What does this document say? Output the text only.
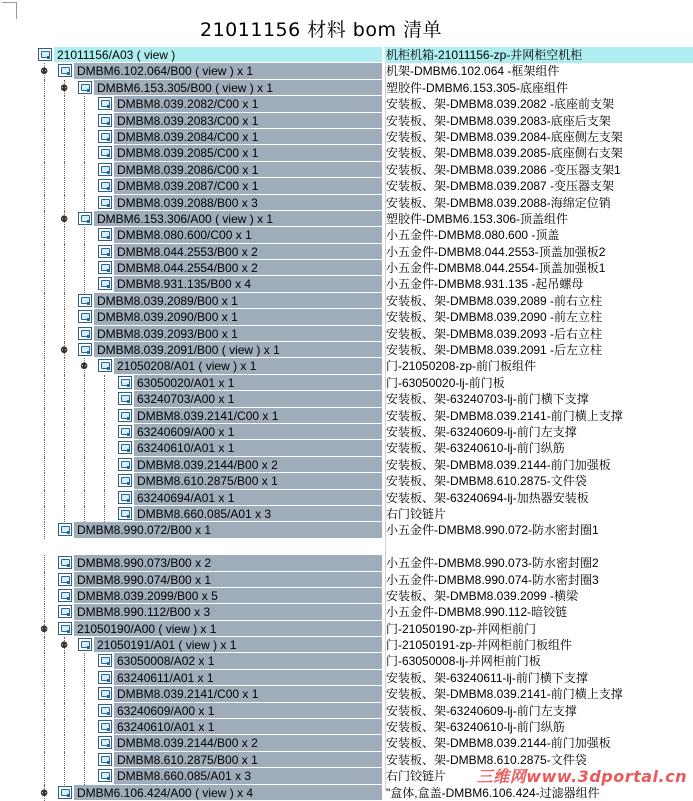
21011156 材料 bom 清单
21011156/A03 ( view )	机柜机箱-21011156-zp-并网柜空机柜
⚉ DMBM6.102.064/B00 ( view ) x 1	机架-DMBM6.102.064 -框架组件
⚉ DMBM6.153.305/B00 ( view ) x 1	塑胶件-DMBM6.153.305-底座组件
DMBM8.039.2082/C00 x 1	安装板、架-DMBM8.039.2082 -底座前支架
DMBM8.039.2083/C00 x 1	安装板、架-DMBM8.039.2083-底座后支架
DMBM8.039.2084/C00 x 1	安装板、架-DMBM8.039.2084-底座侧左支架
DMBM8.039.2085/C00 x 1	安装板、架-DMBM8.039.2085-底座侧右支架
DMBM8.039.2086/C00 x 1	安装板、架-DMBM8.039.2086 -变压器支架1
DMBM8.039.2087/C00 x 1	安装板、架-DMBM8.039.2087 -变压器支架
DMBM8.039.2088/B00 x 3	安装板、架-DMBM8.039.2088-海绵定位销
⚉ DMBM6.153.306/A00 ( view ) x 1	塑胶件-DMBM6.153.306-顶盖组件
DMBM8.080.600/C00 x 1	小五金件-DMBM8.080.600 -顶盖
DMBM8.044.2553/B00 x 2	小五金件-DMBM8.044.2553-顶盖加强板2
DMBM8.044.2554/B00 x 2	小五金件-DMBM8.044.2554-顶盖加强板1
DMBM8.931.135/B00 x 4	小五金件-DMBM8.931.135 -起吊螺母
DMBM8.039.2089/B00 x 1	安装板、架-DMBM8.039.2089 -前右立柱
DMBM8.039.2090/B00 x 1	安装板、架-DMBM8.039.2090 -前左立柱
DMBM8.039.2093/B00 x 1	安装板、架-DMBM8.039.2093 -后右立柱
⚉ DMBM8.039.2091/B00 ( view ) x 1	安装板、架-DMBM8.039.2091 -后左立柱
⚉ 21050208/A01 ( view ) x 1	门-21050208-zp-前门板组件
63050020/A01 x 1	门-63050020-lj-前门板
63240703/A00 x 1	安装板、架-63240703-lj-前门横下支撑
DMBM8.039.2141/C00 x 1	安装板、架-DMBM8.039.2141-前门横上支撑
63240609/A00 x 1	安装板、架-63240609-lj-前门左支撑
63240610/A01 x 1	安装板、架-63240610-lj-前门纵筋
DMBM8.039.2144/B00 x 2	安装板、架-DMBM8.039.2144-前门加强板
DMBM8.610.2875/B00 x 1	安装板、架-DMBM8.610.2875-文件袋
63240694/A01 x 1	安装板、架-63240694-lj-加热器安装板
DMBM8.660.085/A01 x 3	右门铰链片
DMBM8.990.072/B00 x 1	小五金件-DMBM8.990.072-防水密封圈1
DMBM8.990.073/B00 x 2	小五金件-DMBM8.990.073-防水密封圈2
DMBM8.990.074/B00 x 1	小五金件-DMBM8.990.074-防水密封圈3
DMBM8.039.2099/B00 x 5	安装板、架-DMBM8.039.2099 -横梁
DMBM8.990.112/B00 x 3	小五金件-DMBM8.990.112-暗铰链
⚉ 21050190/A00 ( view ) x 1	门-21050190-zp-并网柜前门
⚉ 21050191/A01 ( view ) x 1	门-21050191-zp-并网柜前门板组件
63050008/A02 x 1	门-63050008-lj-并网柜前门板
63240611/A01 x 1	安装板、架-63240611-lj-前门横下支撑
DMBM8.039.2141/C00 x 1	安装板、架-DMBM8.039.2141-前门横上支撑
63240609/A00 x 1	安装板、架-63240609-lj-前门左支撑
63240610/A01 x 1	安装板、架-63240610-lj-前门纵筋
DMBM8.039.2144/B00 x 2	安装板、架-DMBM8.039.2144-前门加强板
DMBM8.610.2875/B00 x 1	安装板、架-DMBM8.610.2875-文件袋
DMBM8.660.085/A01 x 3	右门铰链片
⚉ DMBM6.106.424/A00 ( view ) x 4	"盒体,盒盖-DMBM6.106.424-过滤器组件
三维网www.3dportal.cn
